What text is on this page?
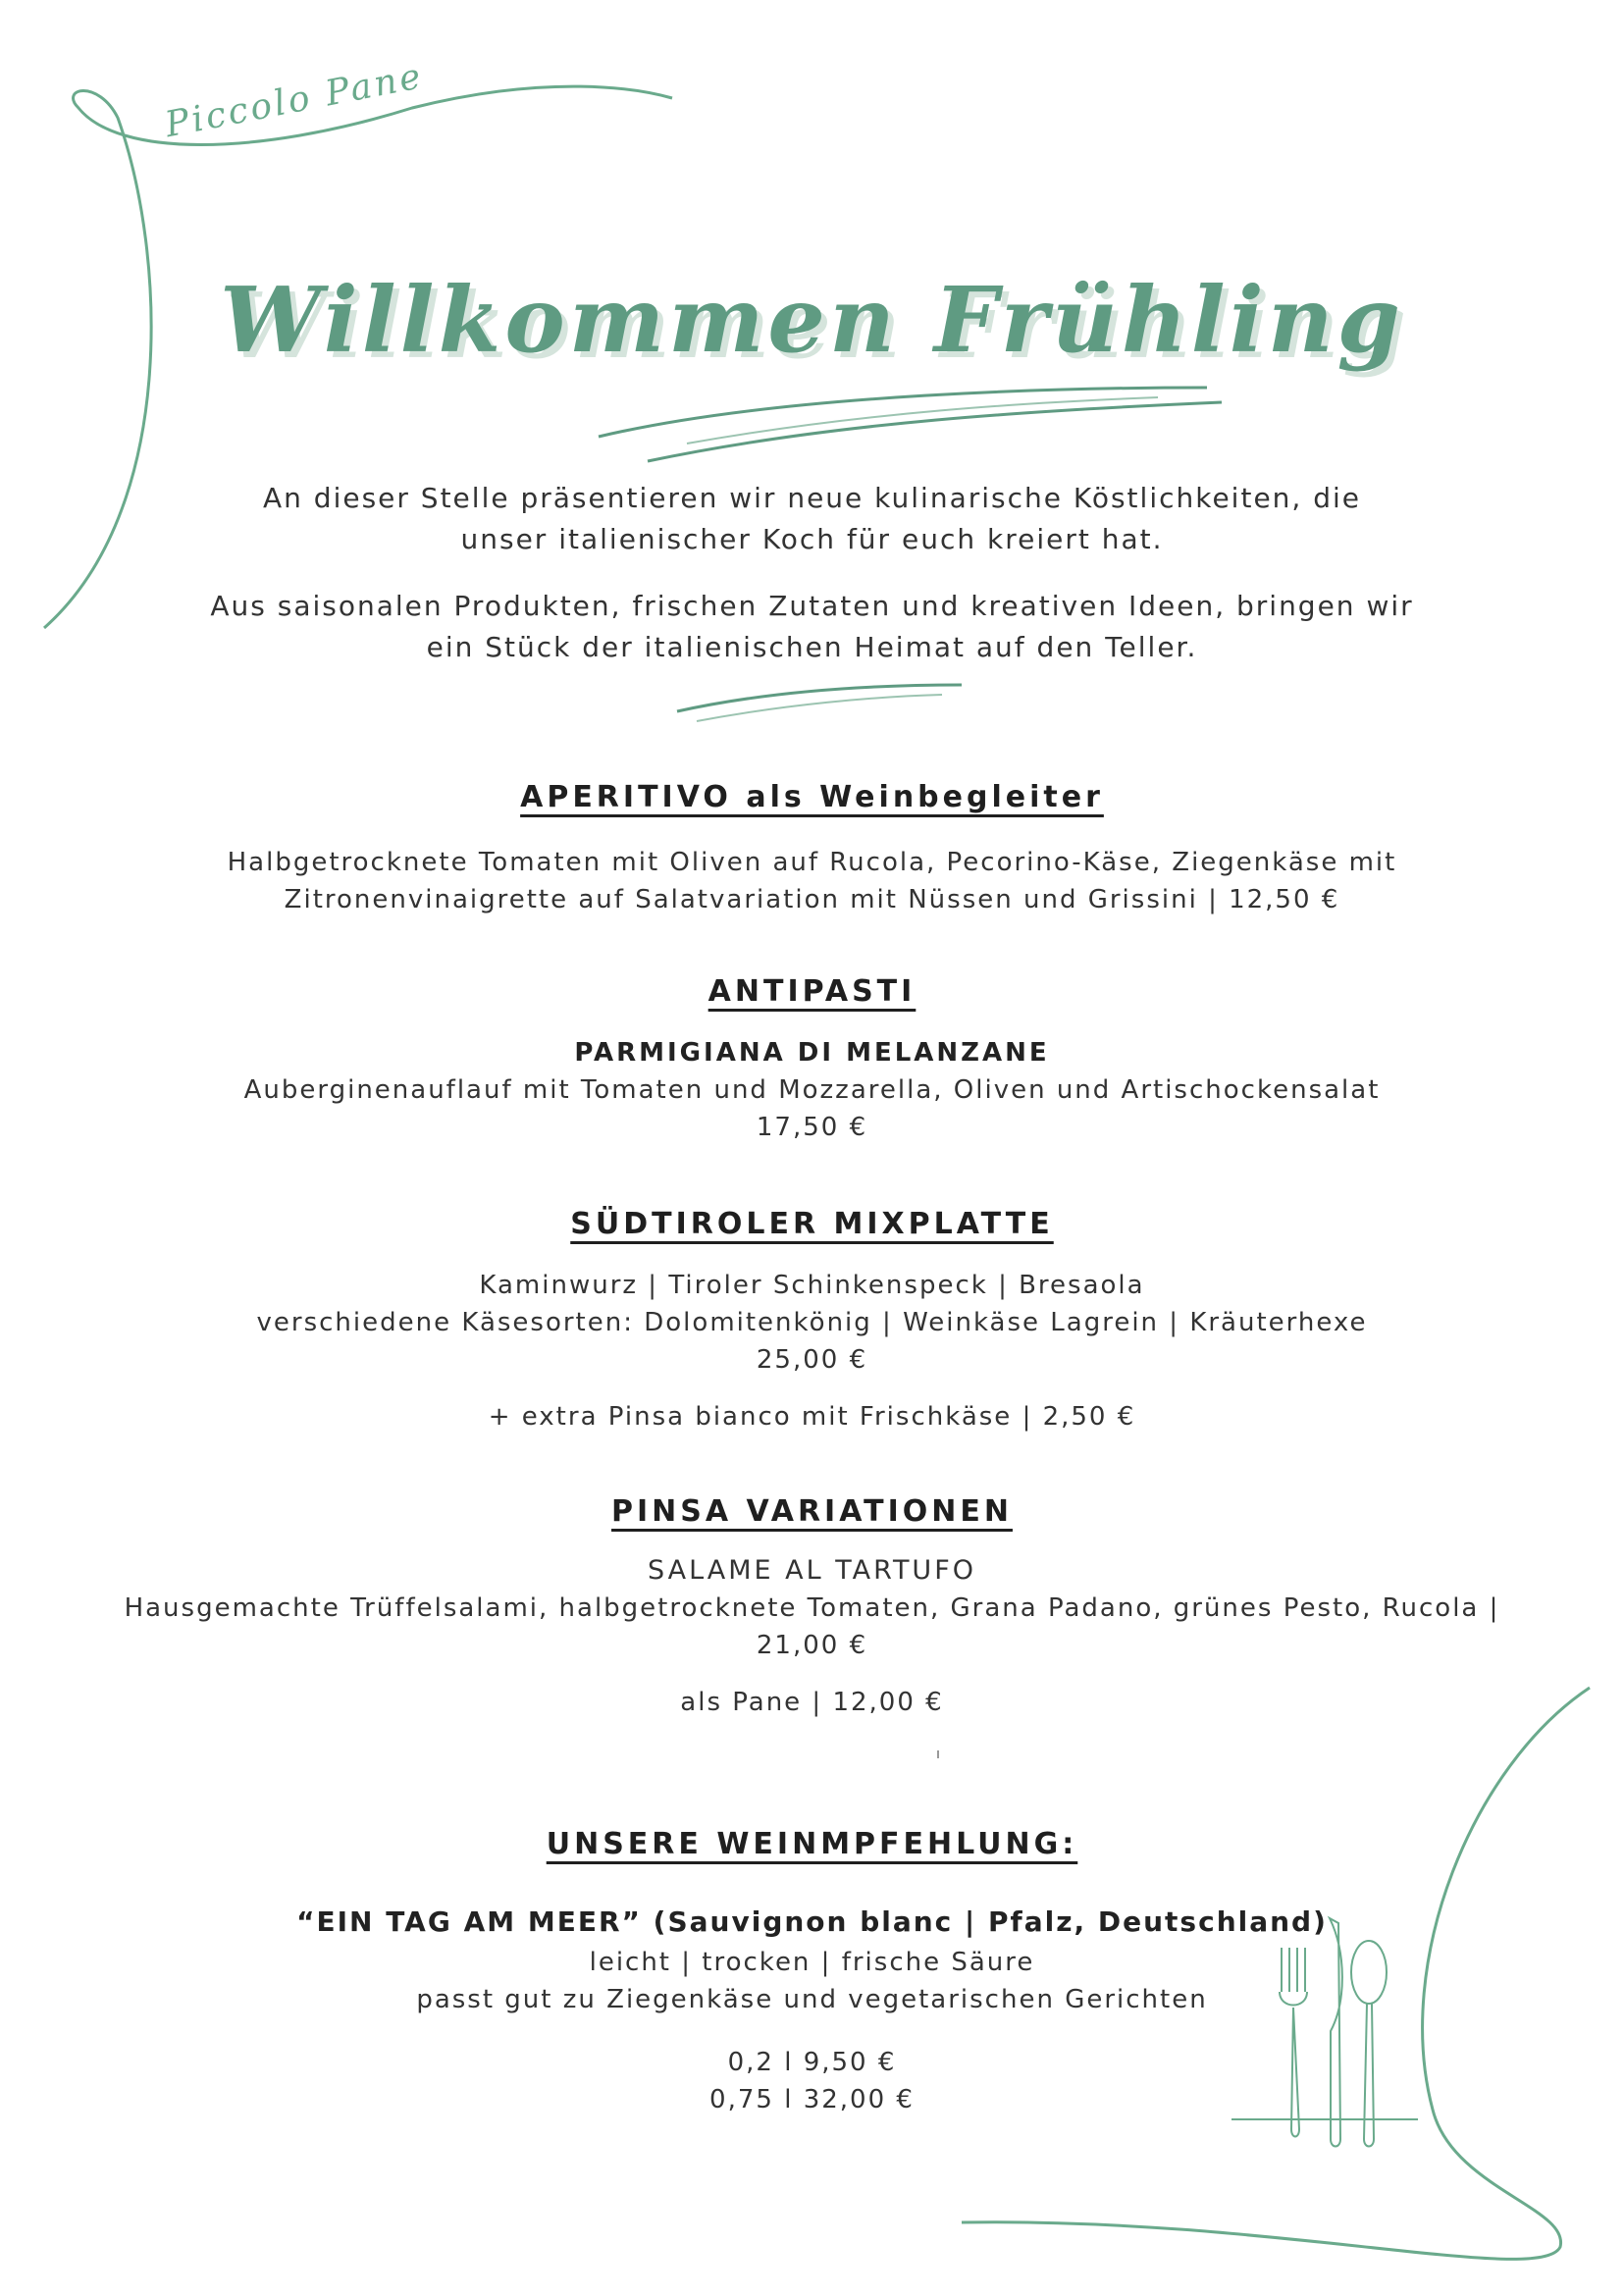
Piccolo Pane
Willkommen Frühling

An dieser Stelle präsentieren wir neue kulinarische Köstlichkeiten, die unser italienischer Koch für euch kreiert hat.

Aus saisonalen Produkten, frischen Zutaten und kreativen Ideen, bringen wir ein Stück der italienischen Heimat auf den Teller.

APERITIVO als Weinbegleiter

Halbgetrocknete Tomaten mit Oliven auf Rucola, Pecorino-Käse, Ziegenkäse mit

Zitronenvinaigrette auf Salatvariation mit Nüssen und Grissini | 12,50 €

ANTIPASTI

PARMIGIANA DI MELANZANE

Auberginenauflauf mit Tomaten und Mozzarella, Oliven und Artischockensalat

17,50 €

SÜDTIROLER MIXPLATTE

Kaminwurz | Tiroler Schinkenspeck | Bresaola

verschiedene Käsesorten: Dolomitenkönig | Weinkäse Lagrein | Kräuterhexe

25,00 €

+ extra Pinsa bianco mit Frischkäse | 2,50 €

PINSA VARIATIONEN

SALAME AL TARTUFO

Hausgemachte Trüffelsalami, halbgetrocknete Tomaten, Grana Padano, grünes Pesto, Rucola |

21,00 €

als Pane | 12,00 €

UNSERE WEINMPFEHLUNG:

“EIN TAG AM MEER” (Sauvignon blanc | Pfalz, Deutschland)

leicht | trocken | frische Säure

passt gut zu Ziegenkäse und vegetarischen Gerichten

0,2 l 9,50 €

0,75 l 32,00 €
